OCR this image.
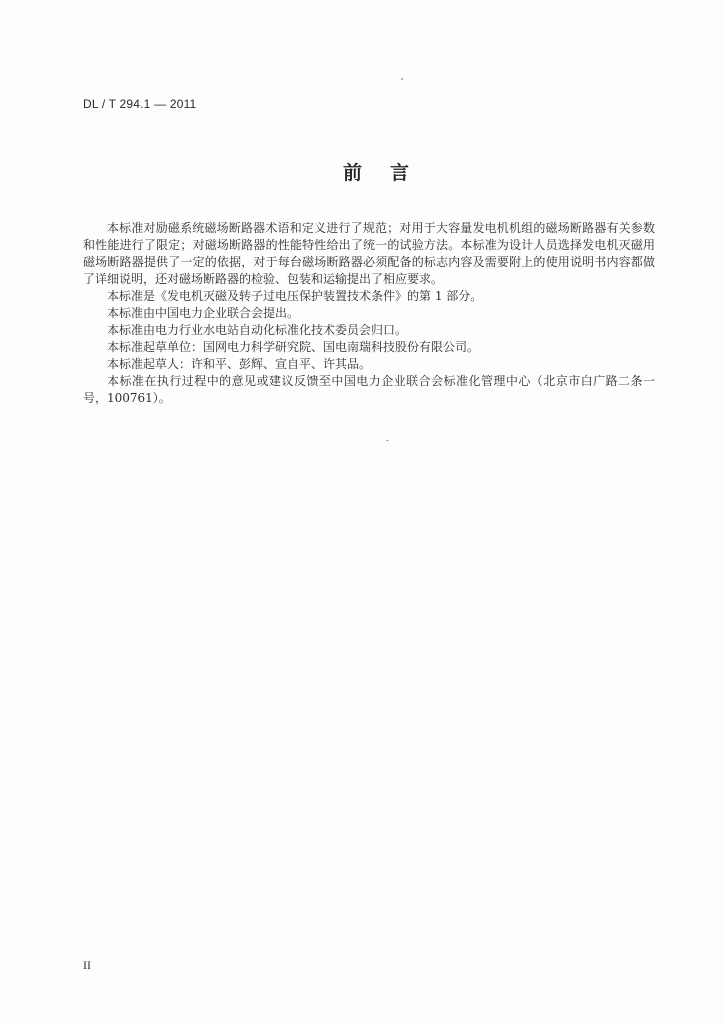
DL / T 294.1 — 2011
前言

本标准对励磁系统磁场断路器术语和定义进行了规范；对用于大容量发电机机组的磁场断路器有关参数和性能进行了限定；对磁场断路器的性能特性给出了统一的试验方法。本标准为设计人员选择发电机灭磁用磁场断路器提供了一定的依据，对于每台磁场断路器必须配备的标志内容及需要附上的使用说明书内容都做了详细说明，还对磁场断路器的检验、包装和运输提出了相应要求。

本标准是《发电机灭磁及转子过电压保护装置技术条件》的第 1 部分。

本标准由中国电力企业联合会提出。

本标准由电力行业水电站自动化标准化技术委员会归口。

本标准起草单位：国网电力科学研究院、国电南瑞科技股份有限公司。

本标准起草人：许和平、彭辉、宣自平、许其品。

本标准在执行过程中的意见或建议反馈至中国电力企业联合会标准化管理中心（北京市白广路二条一号，100761）。

II
